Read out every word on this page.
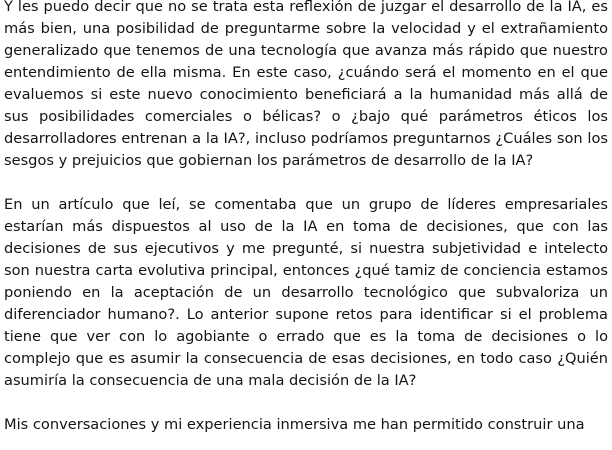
Y les puedo decir que no se trata esta reflexión de juzgar el desarrollo de la IA, es más bien, una posibilidad de preguntarme sobre la velocidad y el extrañamiento generalizado que tenemos de una tecnología que avanza más rápido que nuestro entendimiento de ella misma. En este caso, ¿cuándo será el momento en el que evaluemos si este nuevo conocimiento beneficiará a la humanidad más allá de sus posibilidades comerciales o bélicas? o ¿bajo qué parámetros éticos los desarrolladores entrenan a la IA?, incluso podríamos preguntarnos ¿Cuáles son los sesgos y prejuicios que gobiernan los parámetros de desarrollo de la IA?

En un artículo que leí, se comentaba que un grupo de líderes empresariales estarían más dispuestos al uso de la IA en toma de decisiones, que con las decisiones de sus ejecutivos y me pregunté, si nuestra subjetividad e intelecto son nuestra carta evolutiva principal, entonces ¿qué tamiz de conciencia estamos poniendo en la aceptación de un desarrollo tecnológico que subvaloriza un diferenciador humano?. Lo anterior supone retos para identificar si el problema tiene que ver con lo agobiante o errado que es la toma de decisiones o lo complejo que es asumir la consecuencia de esas decisiones, en todo caso ¿Quién asumiría la consecuencia de una mala decisión de la IA?

Mis conversaciones y mi experiencia inmersiva me han permitido construir una
